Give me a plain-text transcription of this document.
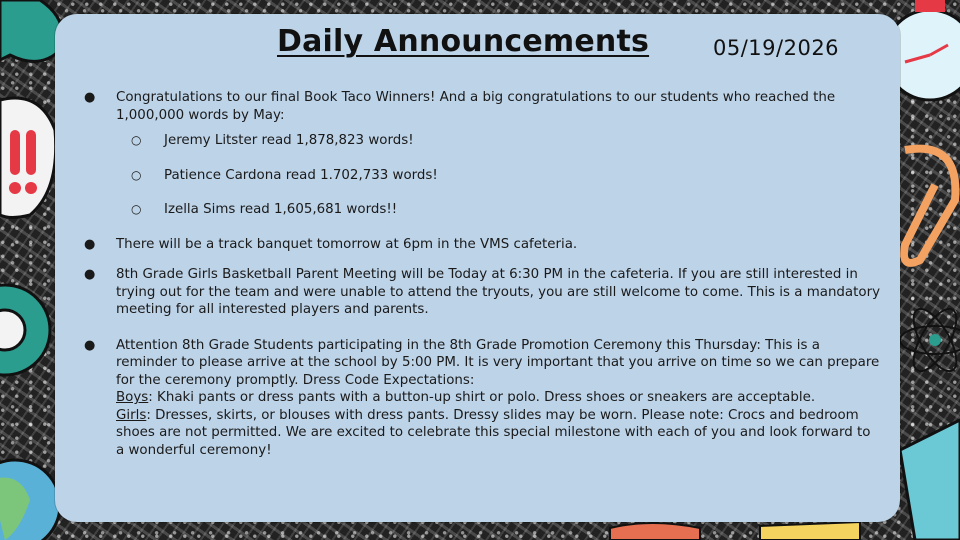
Daily Announcements	05/19/2026
● Congratulations to our final Book Taco Winners! And a big congratulations to our students who reached the 1,000,000 words by May:
○ Jeremy Litster read 1,878,823 words!
○ Patience Cardona read 1.702,733 words!
○ Izella Sims read 1,605,681 words!!
● There will be a track banquet tomorrow at 6pm in the VMS cafeteria.
● 8th Grade Girls Basketball Parent Meeting will be Today at 6:30 PM in the cafeteria. If you are still interested in trying out for the team and were unable to attend the tryouts, you are still welcome to come. This is a mandatory meeting for all interested players and parents.
● Attention 8th Grade Students participating in the 8th Grade Promotion Ceremony this Thursday: This is a reminder to please arrive at the school by 5:00 PM. It is very important that you arrive on time so we can prepare for the ceremony promptly. Dress Code Expectations:
Boys: Khaki pants or dress pants with a button-up shirt or polo. Dress shoes or sneakers are acceptable.
Girls: Dresses, skirts, or blouses with dress pants. Dressy slides may be worn. Please note: Crocs and bedroom shoes are not permitted. We are excited to celebrate this special milestone with each of you and look forward to a wonderful ceremony!
